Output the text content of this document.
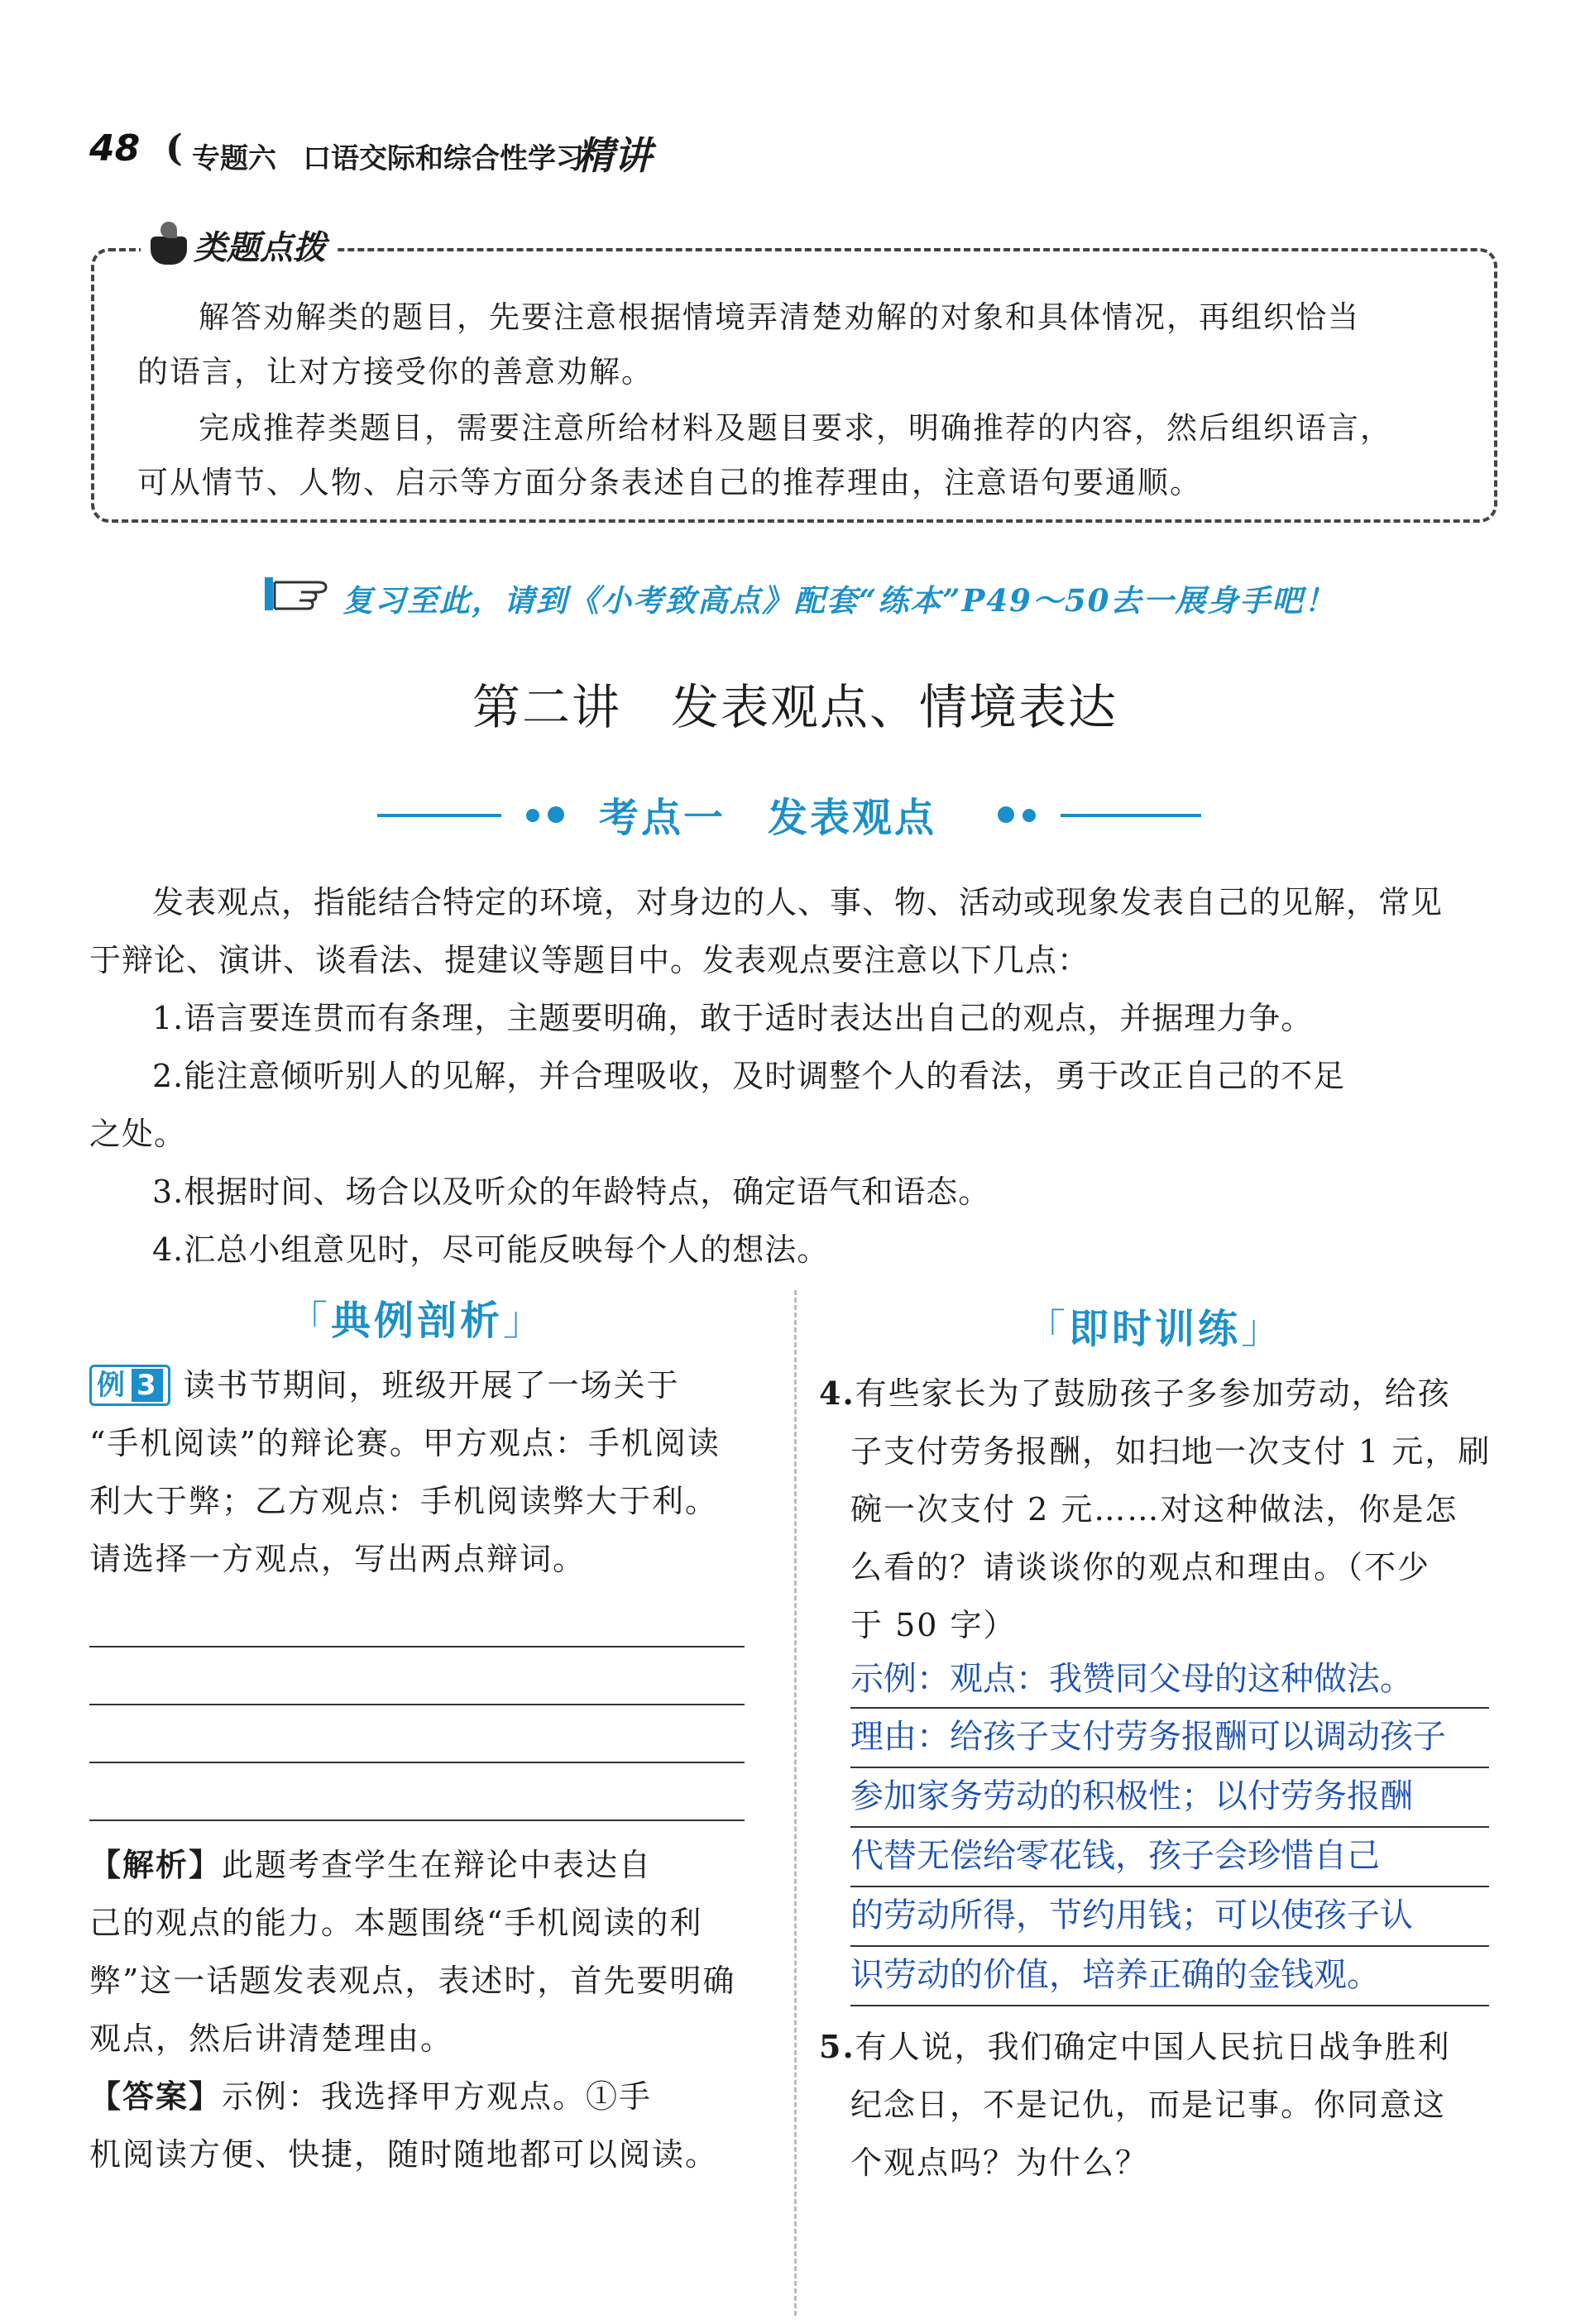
48 ( 专题六 口语交际和综合性学习
精讲
解答劝解类的题目，先要注意根据情境弄清楚劝解的对象和具体情况，再组织恰当

的语言，让对方接受你的善意劝解。
完成推荐类题目，需要注意所给材料及题目要求，明确推荐的内容，然后组织语言，
可从情节、人物、启示等方面分条表述自己的推荐理由，注意语句要通顺。
类题点拨
复习至此，请到《小考致高点》配套“练本”P49～50去一展身手吧！
第二讲　发表观点、情境表达
考点一　发表观点
发表观点，指能结合特定的环境，对身边的人、事、物、活动或现象发表自己的见解，常见
于辩论、演讲、谈看法、提建议等题目中。发表观点要注意以下几点：
1.语言要连贯而有条理，主题要明确，敢于适时表达出自己的观点，并据理力争。
2.能注意倾听别人的见解，并合理吸收，及时调整个人的看法，勇于改正自己的不足
之处。
3.根据时间、场合以及听众的年龄特点，确定语气和语态。
4.汇总小组意见时，尽可能反映每个人的想法。
「典例剖析」	「即时训练」
例 3 读书节期间，班级开展了一场关于
“手机阅读”的辩论赛。甲方观点：手机阅读
利大于弊；乙方观点：手机阅读弊大于利。
请选择一方观点，写出两点辩词。
【解析】此题考查学生在辩论中表达自
己的观点的能力。本题围绕“手机阅读的利
弊”这一话题发表观点，表述时，首先要明确
观点，然后讲清楚理由。
【答案】示例：我选择甲方观点。①手
机阅读方便、快捷，随时随地都可以阅读。
4.有些家长为了鼓励孩子多参加劳动，给孩
子支付劳务报酬，如扫地一次支付 1 元，刷
碗一次支付 2 元……对这种做法，你是怎
么看的？请谈谈你的观点和理由。（不少
于 50 字）
示例：观点：我赞同父母的这种做法。
理由：给孩子支付劳务报酬可以调动孩子
参加家务劳动的积极性；以付劳务报酬
代替无偿给零花钱，孩子会珍惜自己
的劳动所得，节约用钱；可以使孩子认
识劳动的价值，培养正确的金钱观。
5.有人说，我们确定中国人民抗日战争胜利
纪念日，不是记仇，而是记事。你同意这
个观点吗？为什么？
